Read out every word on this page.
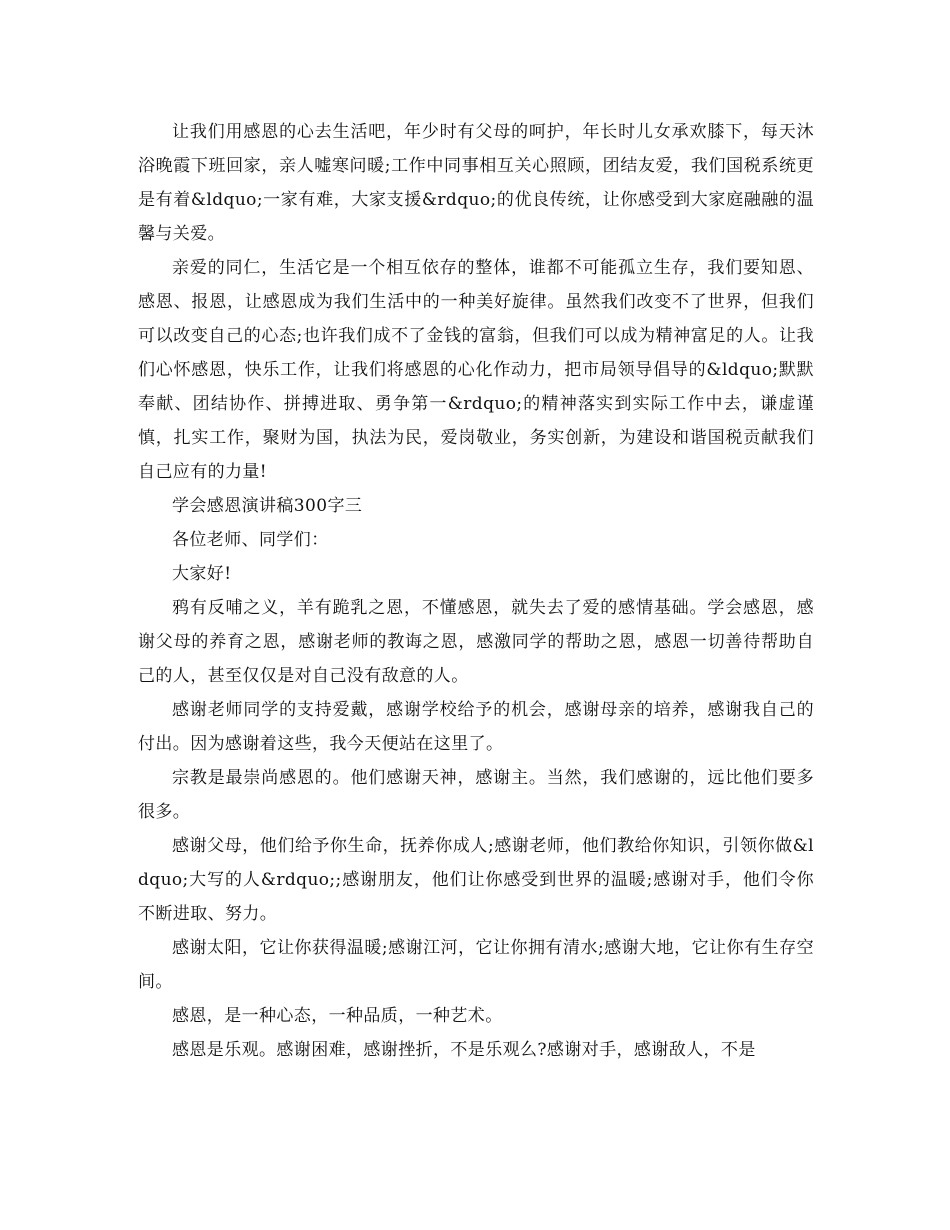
让我们用感恩的心去生活吧，年少时有父母的呵护，年长时儿女承欢膝下，每天沐浴晚霞下班回家，亲人嘘寒问暖;工作中同事相互关心照顾，团结友爱，我们国税系统更是有着&ldquo;一家有难，大家支援&rdquo;的优良传统，让你感受到大家庭融融的温馨与关爱。

亲爱的同仁，生活它是一个相互依存的整体，谁都不可能孤立生存，我们要知恩、感恩、报恩，让感恩成为我们生活中的一种美好旋律。虽然我们改变不了世界，但我们可以改变自己的心态;也许我们成不了金钱的富翁，但我们可以成为精神富足的人。让我们心怀感恩，快乐工作，让我们将感恩的心化作动力，把市局领导倡导的&ldquo;默默奉献、团结协作、拼搏进取、勇争第一&rdquo;的精神落实到实际工作中去，谦虚谨慎，扎实工作，聚财为国，执法为民，爱岗敬业，务实创新，为建设和谐国税贡献我们自己应有的力量!

学会感恩演讲稿300字三

各位老师、同学们：

大家好!

鸦有反哺之义，羊有跪乳之恩，不懂感恩，就失去了爱的感情基础。学会感恩，感谢父母的养育之恩，感谢老师的教诲之恩，感激同学的帮助之恩，感恩一切善待帮助自己的人，甚至仅仅是对自己没有敌意的人。

感谢老师同学的支持爱戴，感谢学校给予的机会，感谢母亲的培养，感谢我自己的付出。因为感谢着这些，我今天便站在这里了。

宗教是最崇尚感恩的。他们感谢天神，感谢主。当然，我们感谢的，远比他们要多很多。

感谢父母，他们给予你生命，抚养你成人;感谢老师，他们教给你知识，引领你做&ldquo;大写的人&rdquo;;感谢朋友，他们让你感受到世界的温暖;感谢对手，他们令你不断进取、努力。

感谢太阳，它让你获得温暖;感谢江河，它让你拥有清水;感谢大地，它让你有生存空间。

感恩，是一种心态，一种品质，一种艺术。

感恩是乐观。感谢困难，感谢挫折，不是乐观么?感谢对手，感谢敌人，不是
